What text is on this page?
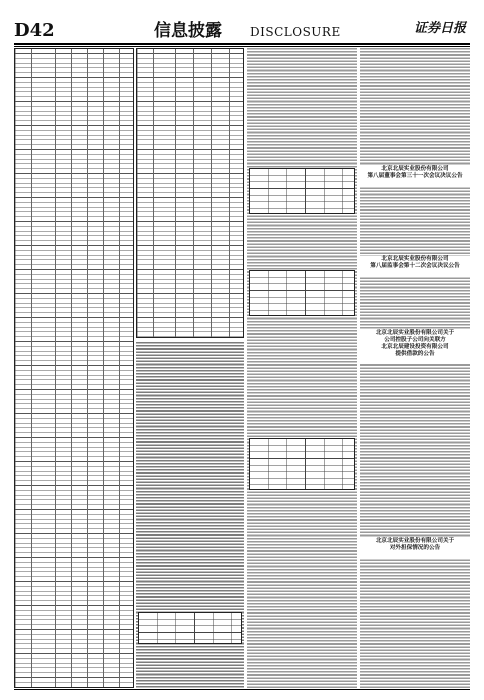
D42	信息披露 DISCLOSURE	证券日报
北京北辰实业股份有限公司
第八届董事会第三十一次会议决议公告
北京北辰实业股份有限公司
第八届监事会第十二次会议决议公告
北京北辰实业股份有限公司关于
公司控股子公司向关联方
北京北辰建设投资有限公司
提供借款的公告
北京北辰实业股份有限公司关于
对外担保情况的公告
